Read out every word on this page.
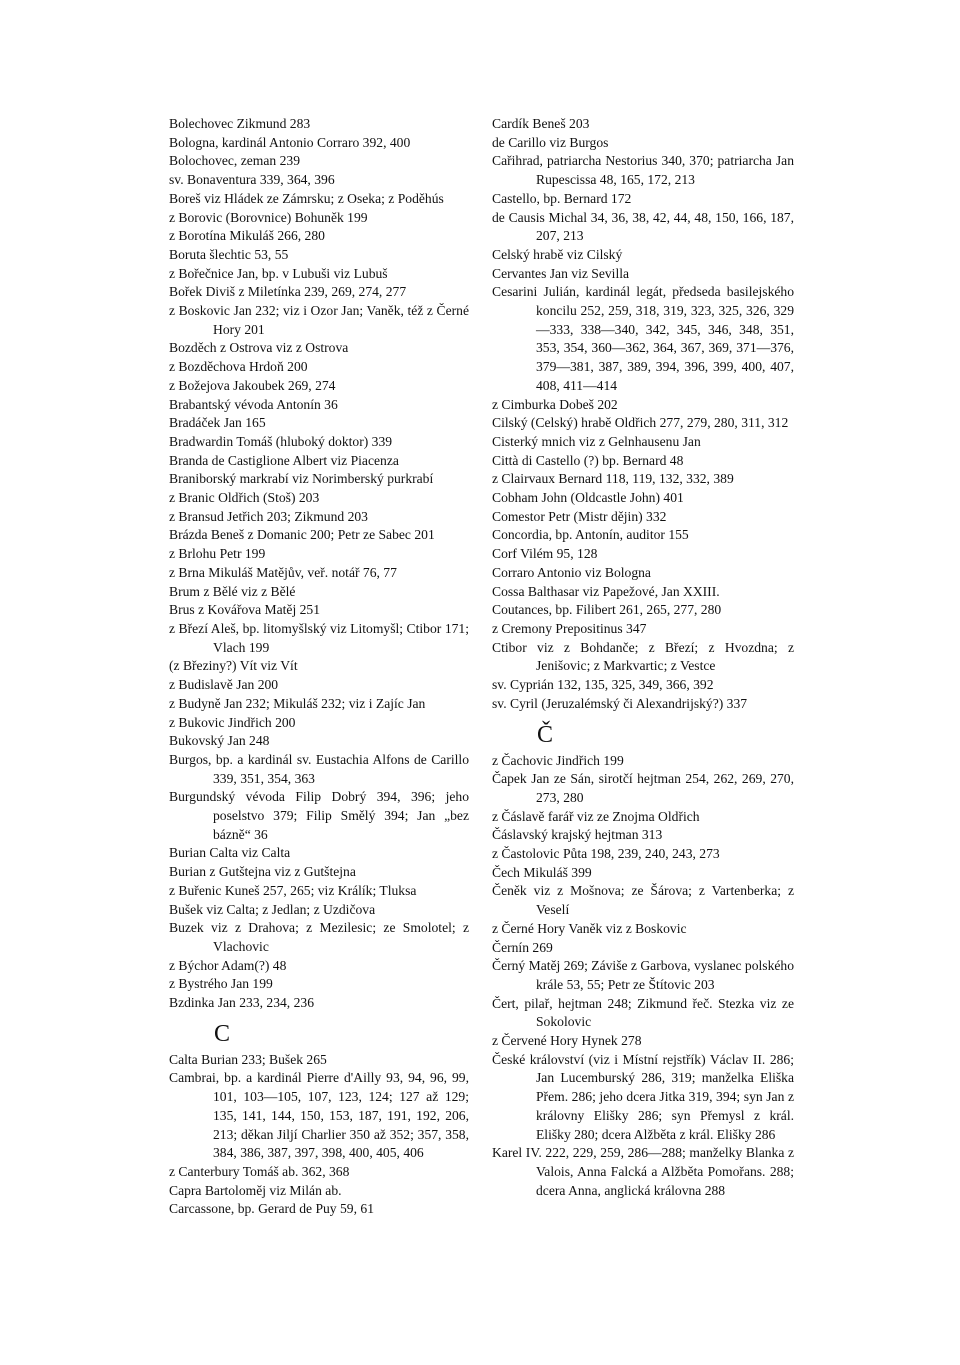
Bolechovec Zikmund 283
Bologna, kardinál Antonio Corraro 392, 400
Bolochovec, zeman 239
sv. Bonaventura 339, 364, 396
Boreš viz Hládek ze Zámrsku; z Oseka; z Poděhús
z Borovic (Borovnice) Bohuněk 199
z Borotína Mikuláš 266, 280
Boruta šlechtic 53, 55
z Bořečnice Jan, bp. v Lubuši viz Lubuš
Bořek Diviš z Miletínka 239, 269, 274, 277
z Boskovic Jan 232; viz i Ozor Jan; Vaněk, též z Černé Hory 201
Bozděch z Ostrova viz z Ostrova
z Bozděchova Hrdoň 200
z Božejova Jakoubek 269, 274
Brabantský vévoda Antonín 36
Bradáček Jan 165
Bradwardin Tomáš (hluboký doktor) 339
Branda de Castiglione Albert viz Piacenza
Braniborský markrabí viz Norimberský purkrabí
z Branic Oldřich (Stoš) 203
z Bransud Jetřich 203; Zikmund 203
Brázda Beneš z Domanic 200; Petr ze Sabec 201
z Brlohu Petr 199
z Brna Mikuláš Matějův, veř. notář 76, 77
Brum z Bělé viz z Bělé
Brus z Kovářova Matěj 251
z Březí Aleš, bp. litomyšlský viz Litomyšl; Ctibor 171; Vlach 199
(z Březiny?) Vít viz Vít
z Budislavě Jan 200
z Budyně Jan 232; Mikuláš 232; viz i Zajíc Jan
z Bukovic Jindřich 200
Bukovský Jan 248
Burgos, bp. a kardinál sv. Eustachia Alfons de Carillo 339, 351, 354, 363
Burgundský vévoda Filip Dobrý 394, 396; jeho poselstvo 379; Filip Smělý 394; Jan „bez bázně“ 36
Burian Calta viz Calta
Burian z Gutštejna viz z Gutštejna
z Buřenic Kuneš 257, 265; viz Králík; Tluksa
Bušek viz Calta; z Jedlan; z Uzdičova
Buzek viz z Drahova; z Mezilesic; ze Smolotel; z Vlachovic
z Býchor Adam(?) 48
z Bystrého Jan 199
Bzdinka Jan 233, 234, 236
C
Calta Burian 233; Bušek 265
Cambrai, bp. a kardinál Pierre d'Ailly 93, 94, 96, 99, 101, 103—105, 107, 123, 124; 127 až 129; 135, 141, 144, 150, 153, 187, 191, 192, 206, 213; děkan Jiljí Charlier 350 až 352; 357, 358, 384, 386, 387, 397, 398, 400, 405, 406
z Canterbury Tomáš ab. 362, 368
Capra Bartoloměj viz Milán ab.
Carcassone, bp. Gerard de Puy 59, 61
Cardík Beneš 203
de Carillo viz Burgos
Cařihrad, patriarcha Nestorius 340, 370; patriarcha Jan Rupescissa 48, 165, 172, 213
Castello, bp. Bernard 172
de Causis Michal 34, 36, 38, 42, 44, 48, 150, 166, 187, 207, 213
Celský hrabě viz Cilský
Cervantes Jan viz Sevilla
Cesarini Julián, kardinál legát, předseda basilejského koncilu 252, 259, 318, 319, 323, 325, 326, 329—333, 338—340, 342, 345, 346, 348, 351, 353, 354, 360—362, 364, 367, 369, 371—376, 379—381, 387, 389, 394, 396, 399, 400, 407, 408, 411—414
z Cimburka Dobeš 202
Cilský (Celský) hrabě Oldřich 277, 279, 280, 311, 312
Cisterký mnich viz z Gelnhausenu Jan
Città di Castello (?) bp. Bernard 48
z Clairvaux Bernard 118, 119, 132, 332, 389
Cobham John (Oldcastle John) 401
Comestor Petr (Mistr dějin) 332
Concordia, bp. Antonín, auditor 155
Corf Vilém 95, 128
Corraro Antonio viz Bologna
Cossa Balthasar viz Papežové, Jan XXIII.
Coutances, bp. Filibert 261, 265, 277, 280
z Cremony Prepositinus 347
Ctibor viz z Bohdanče; z Březí; z Hvozdna; z Jenišovic; z Markvartic; z Vestce
sv. Cyprián 132, 135, 325, 349, 366, 392
sv. Cyril (Jeruzalémský či Alexandrijský?) 337
Č
z Čachovic Jindřich 199
Čapek Jan ze Sán, sirotčí hejtman 254, 262, 269, 270, 273, 280
z Čáslavě farář viz ze Znojma Oldřich
Čáslavský krajský hejtman 313
z Častolovic Půta 198, 239, 240, 243, 273
Čech Mikuláš 399
Čeněk viz z Mošnova; ze Šárova; z Vartenberka; z Veselí
z Černé Hory Vaněk viz z Boskovic
Černín 269
Černý Matěj 269; Záviše z Garbova, vyslanec polského krále 53, 55; Petr ze Štítovic 203
Čert, pilař, hejtman 248; Zikmund řeč. Stezka viz ze Sokolovic
z Červené Hory Hynek 278
České království (viz i Místní rejstřík) Václav II. 286; Jan Lucemburský 286, 319; manželka Eliška Přem. 286; jeho dcera Jitka 319, 394; syn Jan z královny Elišky 286; syn Přemysl z král. Elišky 280; dcera Alžběta z král. Elišky 286
Karel IV. 222, 229, 259, 286—288; manželky Blanka z Valois, Anna Falcká a Alžběta Pomořans. 288; dcera Anna, anglická královna 288
